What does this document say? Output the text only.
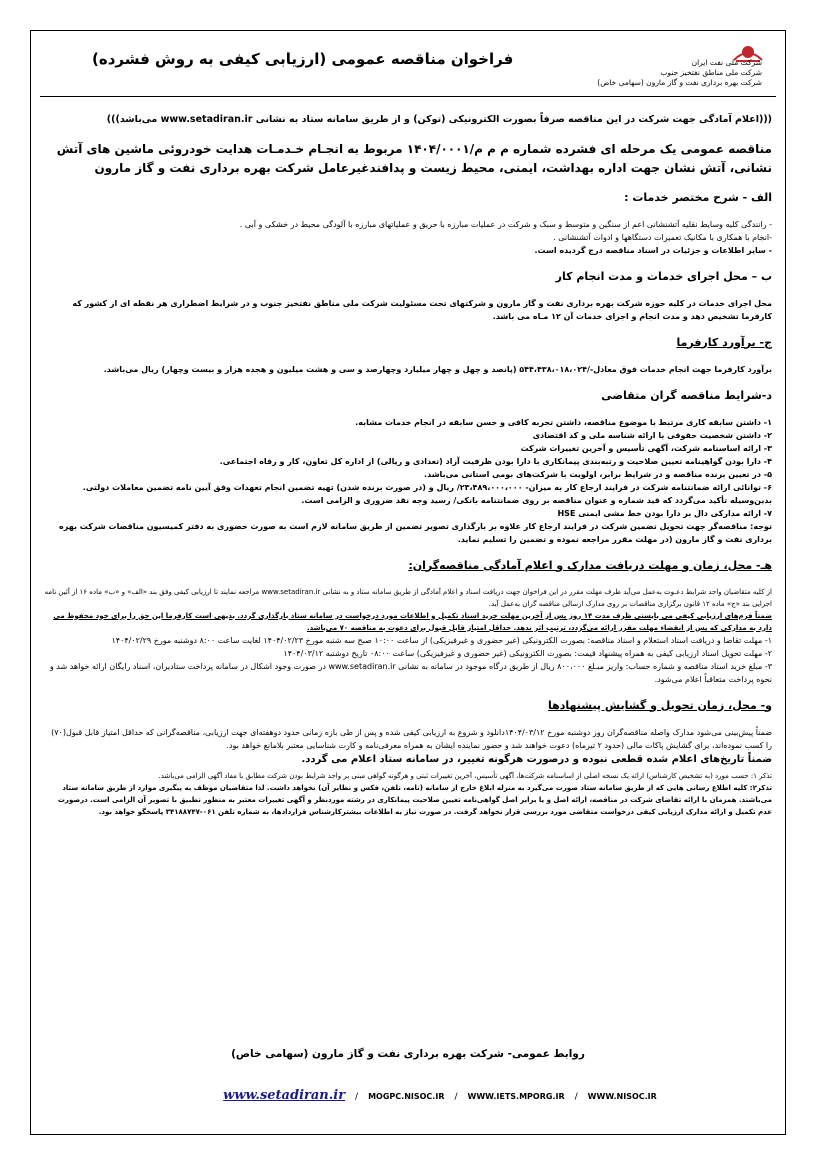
فراخوان مناقصه عمومی (ارزیابی کیفی به روش فشرده)	شرکت ملی نفت ایران
شرکت ملی مناطق نفتخیز جنوب
شرکت بهره برداری نفت و گاز مارون (سهامی خاص)

(((اعلام آمادگی جهت شرکت در این مناقصه صرفاً بصورت الکترونیکی (توکن) و از طریق سامانه ستاد به نشانی www.setadiran.ir می‌باشد)))

مناقصه عمومی یک مرحله ای فشرده شماره م م م/۱۴۰۴/۰۰۰۱ مربوط به انجـام خـدمـات هدایت خودروئی ماشین های آتش نشانی، آتش نشان جهت اداره بهداشت، ایمنی، محیط زیست و پدافندغیرعامل شرکت بهره برداری نفت و گاز مارون

الف - شرح مختصر خدمات :

- رانندگی کلیه وسایط نقلیه آتشنشانی اعم از سنگین و متوسط و سبک و شرکت در عملیات مبارزه با حریق و عملیاتهای مبارزه با آلودگی محیط در خشکی و آبی .

-انجام با همکاری با مکانیک تعمیرات دستگاهها و ادوات آتشنشانی .

- سایر اطلاعات و جزئیات در اسناد مناقصه درج گردیده است.

ب – محل اجرای خدمات و مدت انجام کار

محل اجرای خدمات در کلیه حوزه شرکت بهره برداری نفت و گاز مارون و شرکتهای تحت مسئولیت شرکت ملی مناطق نفتخیز جنوب و در شرایط اضطراری هر نقطه ای از کشور که کارفرما تشخیص دهد و مدت انجام و اجرای خدمات آن ۱۲ مـاه می باشد.

ج- برآورد کارفرما

برآورد کارفرما جهت انجام خدمات فوق معادل-/۵۴۴،۴۳۸،۰۱۸،۰۲۴ (پانصد و چهل و چهار میلیارد وچهارصد و سی و هشت میلیون و هجده هزار و بیست وچهار) ریال می‌باشد.

د-شرایط مناقصه گران متقاضی

۱- داشتن سابقه کاری مرتبط با موضوع مناقصه، داشتن تجربه کافی و حسن سابقه در انجام خدمات مشابه.

۲- داشتن شخصیت حقوقی با ارائه شناسه ملی و کد اقتصادی

۳- ارائه اساسنامه شرکت، آگهی تأسیس و آخرین تغییرات شرکت

۴- دارا بودن گواهینامه تعیین صلاحیت و رتبه‌بندی پیمانکاری با دارا بودن ظرفیت آزاد (تعدادی و ریالی) از اداره کل تعاون، کار و رفاه اجتماعی.

۵- در تعیین برنده مناقصه و در شرایط برابر، اولویت با شرکت‌های بومی استانی می‌باشد.

۶- توانائی ارائه ضمانتنامه شرکت در فرایند ارجاع کار به میزان- ۲۳،۴۸۹،۰۰۰،۰۰۰/ ریال و (در صورت برنده شدن) تهیه تضمین انجام تعهدات وفق آیین نامه تضمین معاملات دولتی. بدین‌وسیله تأکید می‌گردد که قید شماره و عنوان مناقصه بر روی ضمانتنامه بانکی/ رسید وجه نقد ضروری و الزامی است.

۷- ارائه مدارکی دال بر دارا بودن خط مشی ایمنی HSE

توجه: مناقصه‌گر جهت تحویل تضمین شرکت در فرایند ارجاع کار علاوه بر بارگذاری تصویر تضمین از طریق سامانه لازم است به صورت حضوری به دفتر کمیسیون مناقصات شرکت بهره برداری نفت و گاز مارون (در مهلت مقرر مراجعه نموده و تضمین را تسلیم نماید.

هـ- محل، زمان و مهلت دریافت مدارک و اعلام آمادگی مناقصه‌گران:

از کلیه متقاضیان واجد شرایط دعـوت به‌عمل می‌آید ظرف مهلت مقرر در این فراخوان جهت دریافت اسناد و اعلام آمادگی از طریق سامانه ستاد و به نشانی www.setadiran.ir مراجعه نمایند تا ارزیابی کیفی وفق بند «الف» و «ب» ماده ۱۶ از آئین نامه اجرایی بند «ج» ماده ۱۲ قانون برگزاری مناقصات بر روی مدارک ارسالی مناقصه گران به‌عمل آید.

ضمناً فرم‌های ارزیابی کیفی می بایستی ظرف مدت ۱۴ روز پس از آخرین مهلت خرید اسناد تکمیل و اطلاعات مورد درخواست در سامانه ستاد بارگذاری گردد. بدیهی است کارفرما این حق را برای خود محفوظ می دارد به مدارکی که پس از انقضاء مهلت مقرر ارائه می‌گردد، ترتیب اثر ندهد. حداقل امتیاز قابل قبول برای دعوت به مناقصه ۷۰ می‌باشد.

۱- مهلت تقاضا و دریافت اسناد استعلام و اسناد مناقصه: بصورت الکترونیکی (غیر حضوری و غیرفیزیکی) از ساعت ۱۰:۰۰ صبح سه شنبه مورخ ۱۴۰۴/۰۲/۲۳ لغایت ساعت ۸:۰۰ دوشنبه مورخ ۱۴۰۴/۰۲/۲۹

۲- مهلت تحویل اسناد ارزیابی کیفی به همراه پیشنهاد قیمت: بصورت الکترونیکی (غیر حضوری و غیرفیزیکی) ساعت ۰۸:۰۰ تاریخ دوشنبه ۱۴۰۴/۰۳/۱۲

۳- مبلغ خرید اسناد مناقصه و شماره حساب: واریز مبـلغ ۸۰۰،۰۰۰ ریال از طریق درگاه موجود در سامانه به نشانی www.setadiran.ir در صورت وجود اشکال در سامانه پرداخت ستادیران، اسناد رایگان ارائه خواهد شد و نحوه پرداخت متعاقباً اعلام می‌شود.

و- محل، زمان تحویل و گشایش پیشنهادها

ضمناً پیش‌بینی می‌شود مدارک واصله مناقصه‌گران روز دوشنبه مورخ ۱۴۰۴/۰۳/۱۲دانلود و شروع به ارزیابی کیفی شده و پس از طی بازه زمانی حدود دوهفته‌ای جهت ارزیابی، مناقصه‌گرانی که حداقل امتیاز قابل قبول(۷۰) را کسب نموده‌اند، برای گشایش پاکات مالی (حدود ۲ تیرماه) دعوت خواهند شد و حضور نماینده ایشان به همراه معرفی‌نامه و کارت شناسایی معتبر بلامانع خواهد بود.

ضمناً تاریخ‌های اعلام شده قطعی نبوده و درصورت هرگونه تغییر، در سامانه ستاد اعلام می گردد.

تذکر ۱: حسب مورد (به تشخیص کارشناس) ارائه یک نسخه اصلی از اساسنامه شرکت‌ها، آگهی تأسیس، آخرین تغییرات ثبتی و هرگونه گواهی مبنی بر واجد شرایط بودن شرکت مطابق با مفاد آگهی الزامی می‌باشد.

تذکر۲: کلیه اطلاع رسانی هایی که از طریق سامانه ستاد صورت می‌گیرد به منزله ابلاغ خارج از سامانه (نامه، تلفن، فکس و نظایر آن) نخواهد داشت. لذا متقاضیان موظف به پیگیری موارد از طریق سامانه ستاد می‌باشند. همزمان با ارائه تقاضای شرکت در مناقصه، ارائه اصل و یا برابر اصل گواهی‌نامه تعیین صلاحیت پیمانکاری در رشته موردنظر و آگهی تغییرات معتبر به منظور تطبیق با تصویر آن الزامی است. درصورت عدم تکمیل و ارائه مدارک ارزیابی کیفی درخواست متقاضی مورد بررسی قرار نخواهد گرفت. در صورت نیاز به اطلاعات بیشترکارشناس قراردادها، به شماره تلفن ۰۶۱-۳۴۱۸۸۷۴۷ پاسخگو خواهد بود.

روابط عمومی- شرکت بهره برداری نفت و گاز مارون (سهامی خاص)
www.setadiran.ir / MOGPC.NISOC.IR / WWW.IETS.MPORG.IR / WWW.NISOC.IR
